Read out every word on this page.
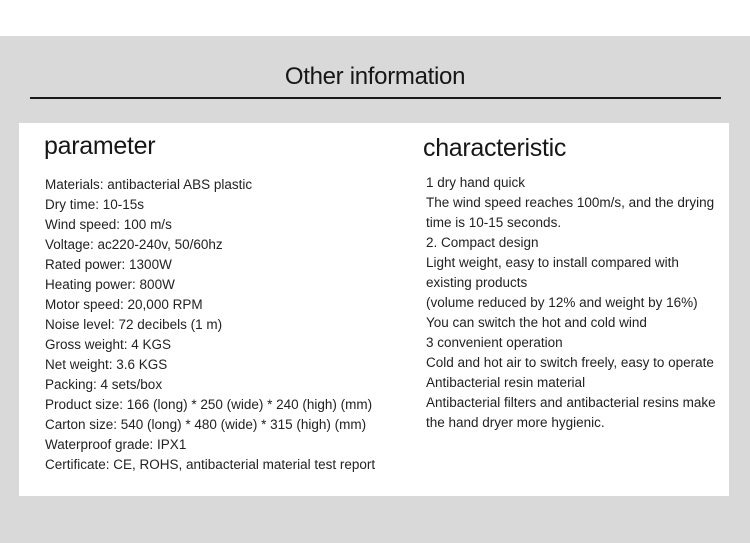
Other information
parameter
Materials: antibacterial ABS plastic
Dry time: 10-15s
Wind speed: 100 m/s
Voltage: ac220-240v, 50/60hz
Rated power: 1300W
Heating power: 800W
Motor speed: 20,000 RPM
Noise level: 72 decibels (1 m)
Gross weight: 4 KGS
Net weight: 3.6 KGS
Packing: 4 sets/box
Product size: 166 (long) * 250 (wide) * 240 (high) (mm)
Carton size: 540 (long) * 480 (wide) * 315 (high) (mm)
Waterproof grade: IPX1
Certificate: CE, ROHS, antibacterial material test report
characteristic
1 dry hand quick
The wind speed reaches 100m/s, and the drying
time is 10-15 seconds.
2. Compact design
Light weight, easy to install compared with
existing products
(volume reduced by 12% and weight by 16%)
You can switch the hot and cold wind
3 convenient operation
Cold and hot air to switch freely, easy to operate
Antibacterial resin material
Antibacterial filters and antibacterial resins make
the hand dryer more hygienic.
